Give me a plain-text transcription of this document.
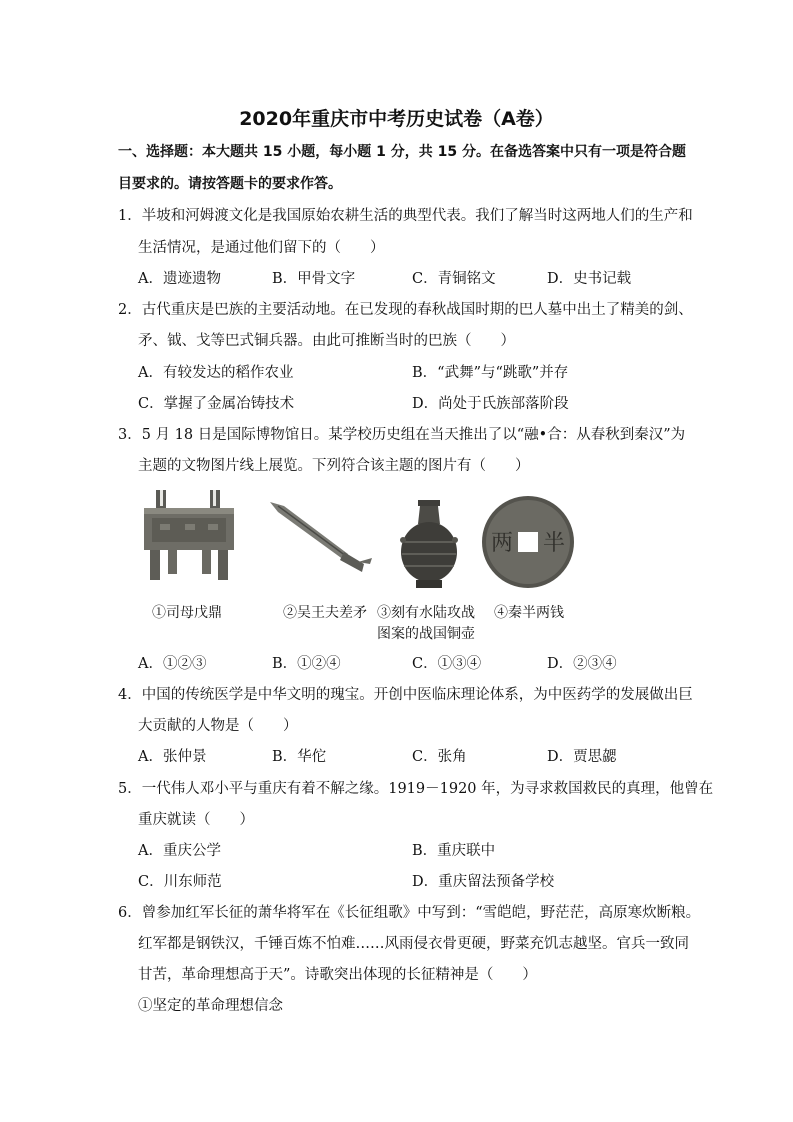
2020年重庆市中考历史试卷（A卷）
一、选择题：本大题共 15 小题，每小题 1 分，共 15 分。在备选答案中只有一项是符合题
目要求的。请按答题卡的要求作答。
1．半坡和河姆渡文化是我国原始农耕生活的典型代表。我们了解当时这两地人们的生产和
生活情况，是通过他们留下的（　　）
A．遗迹遗物	B．甲骨文字	C．青铜铭文	D．史书记载
2．古代重庆是巴族的主要活动地。在已发现的春秋战国时期的巴人墓中出土了精美的剑、
矛、钺、戈等巴式铜兵器。由此可推断当时的巴族（　　）
A．有较发达的稻作农业	B．“武舞”与“跳歌”并存
C．掌握了金属冶铸技术	D．尚处于氏族部落阶段
3．5 月 18 日是国际博物馆日。某学校历史组在当天推出了以“融•合：从春秋到秦汉”为
主题的文物图片线上展览。下列符合该主题的图片有（　　）
两 半
①司母戊鼎	②吴王夫差矛 ③刻有水陆攻战
图案的战国铜壶
④秦半两钱
A．①②③	B．①②④	C．①③④	D．②③④
4．中国的传统医学是中华文明的瑰宝。开创中医临床理论体系，为中医药学的发展做出巨
大贡献的人物是（　　）
A．张仲景	B．华佗	C．张角	D．贾思勰
5．一代伟人邓小平与重庆有着不解之缘。1919－1920 年，为寻求救国救民的真理，他曾在
重庆就读（　　）
A．重庆公学	B．重庆联中
C．川东师范	D．重庆留法预备学校
6．曾参加红军长征的萧华将军在《长征组歌》中写到：“雪皑皑，野茫茫，高原寒炊断粮。
红军都是钢铁汉，千锤百炼不怕难……风雨侵衣骨更硬，野菜充饥志越坚。官兵一致同
甘苦，革命理想高于天”。诗歌突出体现的长征精神是（　　）
①坚定的革命理想信念
